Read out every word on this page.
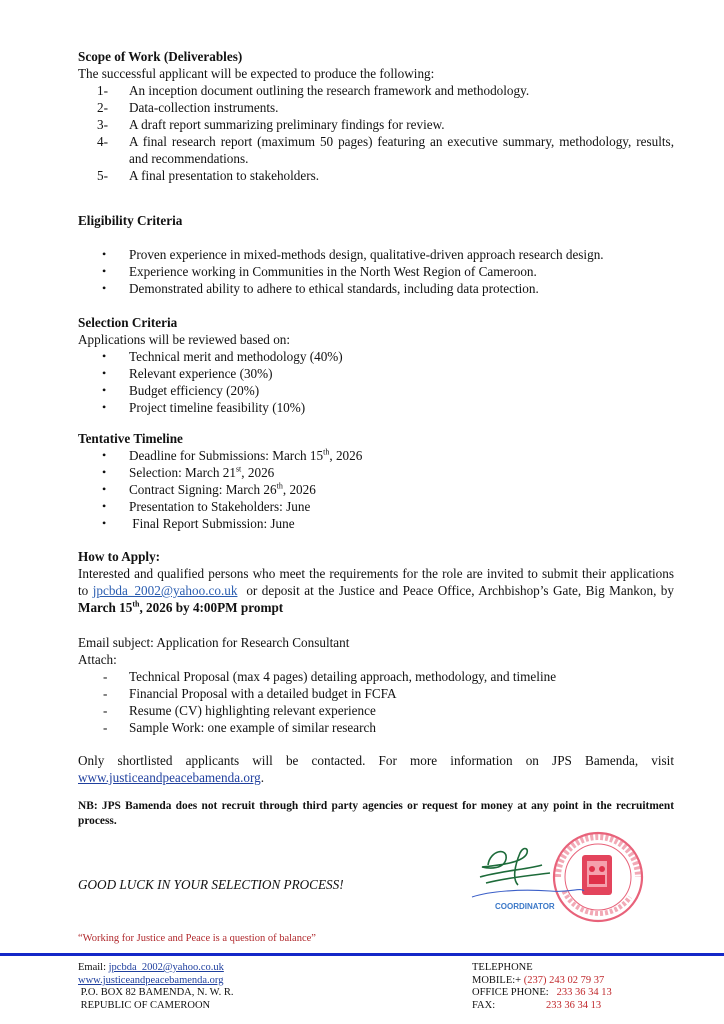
Scope of Work (Deliverables)
The successful applicant will be expected to produce the following:
1- An inception document outlining the research framework and methodology.
2- Data-collection instruments.
3- A draft report summarizing preliminary findings for review.
4- A final research report (maximum 50 pages) featuring an executive summary, methodology, results, and recommendations.
5- A final presentation to stakeholders.
Eligibility Criteria
• Proven experience in mixed-methods design, qualitative-driven approach research design.
• Experience working in Communities in the North West Region of Cameroon.
• Demonstrated ability to adhere to ethical standards, including data protection.
Selection Criteria
Applications will be reviewed based on:
• Technical merit and methodology (40%)
• Relevant experience (30%)
• Budget efficiency (20%)
• Project timeline feasibility (10%)
Tentative Timeline
• Deadline for Submissions: March 15th, 2026
• Selection: March 21st, 2026
• Contract Signing: March 26th, 2026
• Presentation to Stakeholders: June
• Final Report Submission: June
How to Apply:
Interested and qualified persons who meet the requirements for the role are invited to submit their applications to jpcbda_2002@yahoo.co.uk  or deposit at the Justice and Peace Office, Archbishop’s Gate, Big Mankon, by March 15th, 2026 by 4:00PM prompt
Email subject: Application for Research Consultant
Attach:
- Technical Proposal (max 4 pages) detailing approach, methodology, and timeline
- Financial Proposal with a detailed budget in FCFA
- Resume (CV) highlighting relevant experience
- Sample Work: one example of similar research
Only shortlisted applicants will be contacted. For more information on JPS Bamenda, visit www.justiceandpeacebamenda.org.
NB: JPS Bamenda does not recruit through third party agencies or request for money at any point in the recruitment process.
GOOD LUCK IN YOUR SELECTION PROCESS!
COORDINATOR
“Working for Justice and Peace is a question of balance”
Email: jpcbda_2002@yahoo.co.uk
www.justiceandpeacebamenda.org
P.O. BOX 82 BAMENDA, N. W. R.
REPUBLIC OF CAMEROON
TELEPHONE
MOBILE:+ (237) 243 02 79 37
OFFICE PHONE:   233 36 34 13
FAX:	233 36 34 13
